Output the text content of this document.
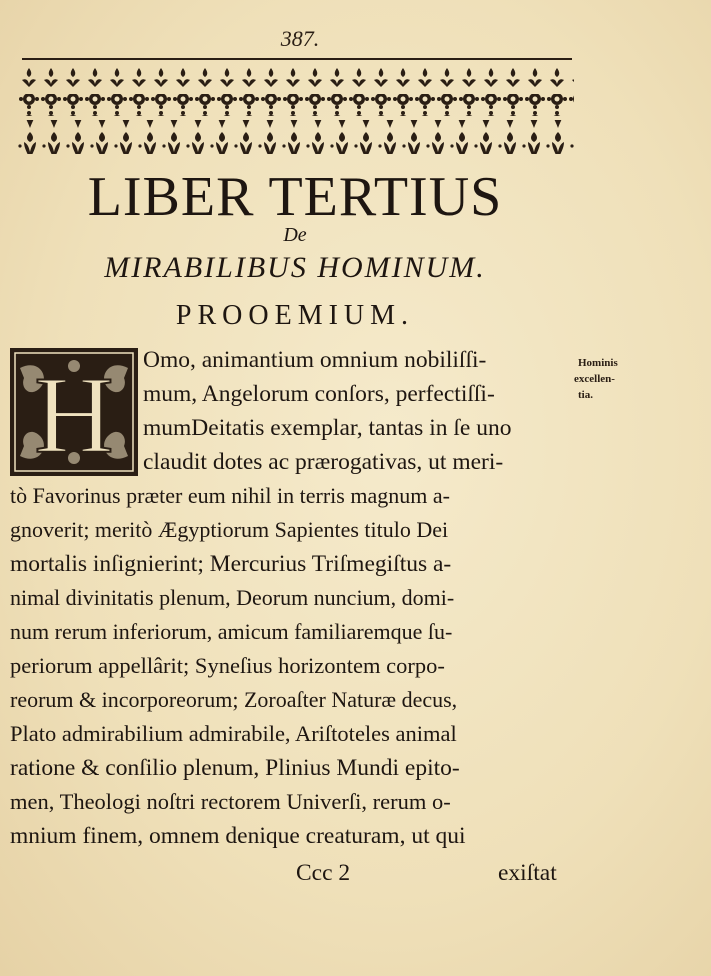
387.
LIBER TERTIUS
De
MIRABILIBUS HOMINUM.
PROOEMIUM.
H Omo, animantium omnium nobiliſſi-
mum, Angelorum conſors, perfectiſſi-
mumDeitatis exemplar, tantas in ſe uno
claudit dotes ac prærogativas, ut meri-
tò Favorinus præter eum nihil in terris magnum a-
gnoverit; meritò Ægyptiorum Sapientes titulo Dei
mortalis inſignierint; Mercurius Triſmegiſtus a-
nimal divinitatis plenum, Deorum nuncium, domi-
num rerum inferiorum, amicum familiaremque ſu-
periorum appellârit; Syneſius horizontem corpo-
reorum & incorporeorum; Zoroaſter Naturæ decus,
Plato admirabilium admirabile, Ariſtoteles animal
ratione & conſilio plenum, Plinius Mundi epito-
men, Theologi noſtri rectorem Univerſi, rerum o-
mnium finem, omnem denique creaturam, ut qui
Hominis
excellen-
tia.
Ccc 2	exiſtat
